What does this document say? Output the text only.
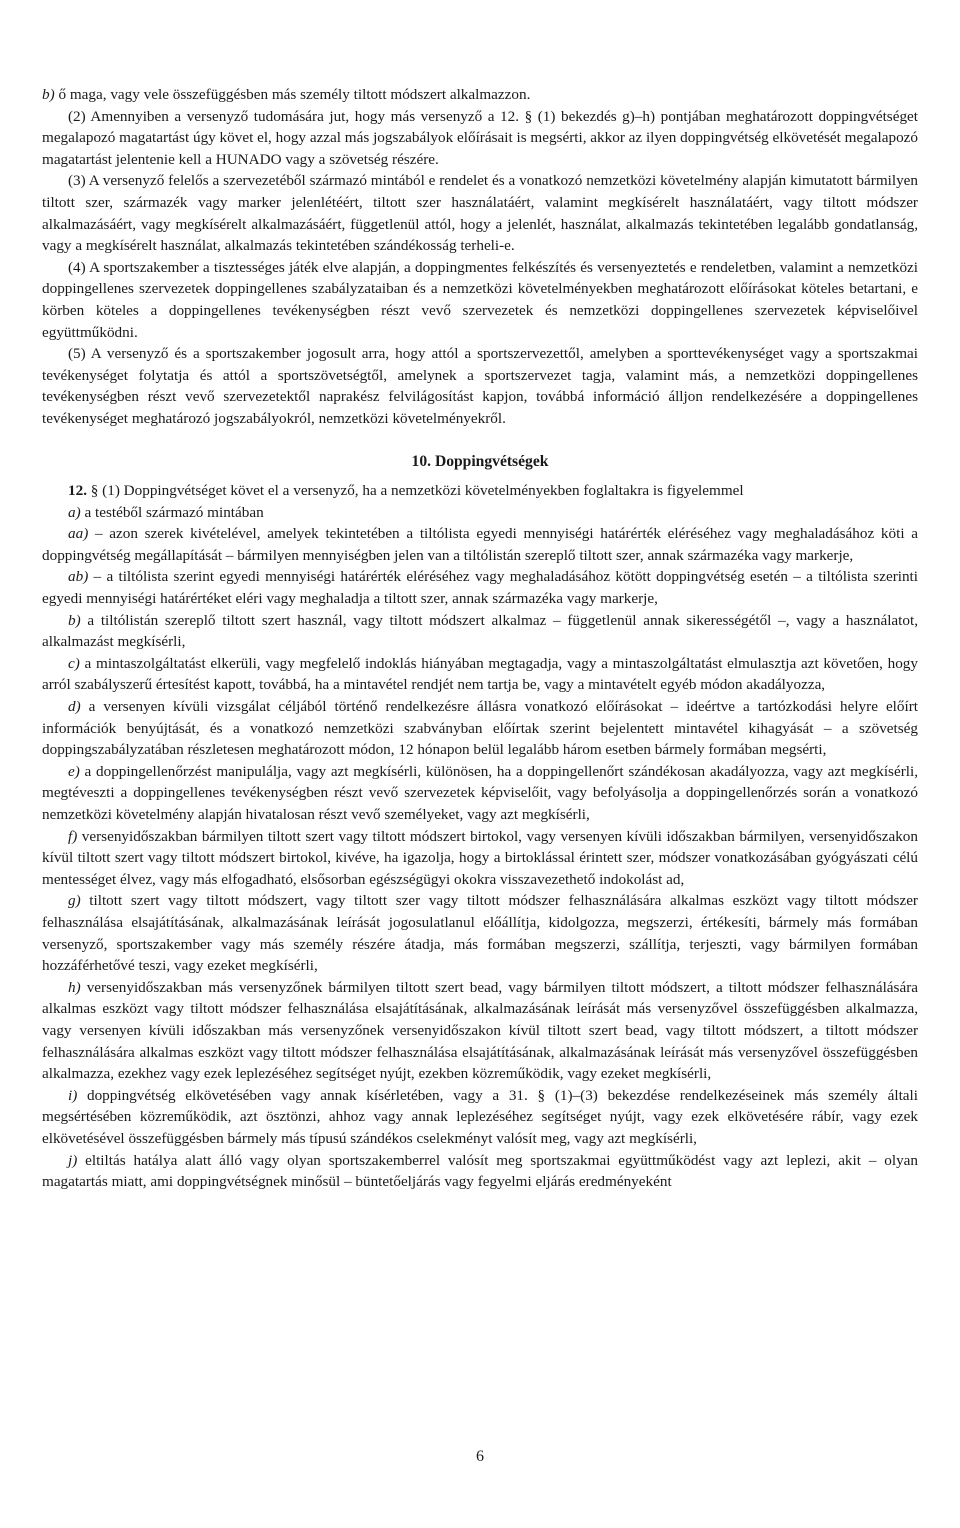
b) ő maga, vagy vele összefüggésben más személy tiltott módszert alkalmazzon.

(2) Amennyiben a versenyző tudomására jut, hogy más versenyző a 12. § (1) bekezdés g)–h) pontjában meghatározott doppingvétséget megalapozó magatartást úgy követ el, hogy azzal más jogszabályok előírásait is megsérti, akkor az ilyen doppingvétség elkövetését megalapozó magatartást jelentenie kell a HUNADO vagy a szövetség részére.

(3) A versenyző felelős a szervezetéből származó mintából e rendelet és a vonatkozó nemzetközi követelmény alapján kimutatott bármilyen tiltott szer, származék vagy marker jelenlétéért, tiltott szer használatáért, valamint megkísérelt használatáért, vagy tiltott módszer alkalmazásáért, vagy megkísérelt alkalmazásáért, függetlenül attól, hogy a jelenlét, használat, alkalmazás tekintetében legalább gondatlanság, vagy a megkísérelt használat, alkalmazás tekintetében szándékosság terheli-e.

(4) A sportszakember a tisztességes játék elve alapján, a doppingmentes felkészítés és versenyeztetés e rendeletben, valamint a nemzetközi doppingellenes szervezetek doppingellenes szabályzataiban és a nemzetközi követelményekben meghatározott előírásokat köteles betartani, e körben köteles a doppingellenes tevékenységben részt vevő szervezetek és nemzetközi doppingellenes szervezetek képviselőivel együttműködni.

(5) A versenyző és a sportszakember jogosult arra, hogy attól a sportszervezettől, amelyben a sporttevékenységet vagy a sportszakmai tevékenységet folytatja és attól a sportszövetségtől, amelynek a sportszervezet tagja, valamint más, a nemzetközi doppingellenes tevékenységben részt vevő szervezetektől naprakész felvilágosítást kapjon, továbbá információ álljon rendelkezésére a doppingellenes tevékenységet meghatározó jogszabályokról, nemzetközi követelményekről.

10. Doppingvétségek

12. § (1) Doppingvétséget követ el a versenyző, ha a nemzetközi követelményekben foglaltakra is figyelemmel

a) a testéből származó mintában

aa) – azon szerek kivételével, amelyek tekintetében a tiltólista egyedi mennyiségi határérték eléréséhez vagy meghaladásához köti a doppingvétség megállapítását – bármilyen mennyiségben jelen van a tiltólistán szereplő tiltott szer, annak származéka vagy markerje,

ab) – a tiltólista szerint egyedi mennyiségi határérték eléréséhez vagy meghaladásához kötött doppingvétség esetén – a tiltólista szerinti egyedi mennyiségi határértéket eléri vagy meghaladja a tiltott szer, annak származéka vagy markerje,

b) a tiltólistán szereplő tiltott szert használ, vagy tiltott módszert alkalmaz – függetlenül annak sikerességétől –, vagy a használatot, alkalmazást megkísérli,

c) a mintaszolgáltatást elkerüli, vagy megfelelő indoklás hiányában megtagadja, vagy a mintaszolgáltatást elmulasztja azt követően, hogy arról szabályszerű értesítést kapott, továbbá, ha a mintavétel rendjét nem tartja be, vagy a mintavételt egyéb módon akadályozza,

d) a versenyen kívüli vizsgálat céljából történő rendelkezésre állásra vonatkozó előírásokat – ideértve a tartózkodási helyre előírt információk benyújtását, és a vonatkozó nemzetközi szabványban előírtak szerint bejelentett mintavétel kihagyását – a szövetség doppingszabályzatában részletesen meghatározott módon, 12 hónapon belül legalább három esetben bármely formában megsérti,

e) a doppingellenőrzést manipulálja, vagy azt megkísérli, különösen, ha a doppingellenőrt szándékosan akadályozza, vagy azt megkísérli, megtéveszti a doppingellenes tevékenységben részt vevő szervezetek képviselőit, vagy befolyásolja a doppingellenőrzés során a vonatkozó nemzetközi követelmény alapján hivatalosan részt vevő személyeket, vagy azt megkísérli,

f) versenyidőszakban bármilyen tiltott szert vagy tiltott módszert birtokol, vagy versenyen kívüli időszakban bármilyen, versenyidőszakon kívül tiltott szert vagy tiltott módszert birtokol, kivéve, ha igazolja, hogy a birtoklással érintett szer, módszer vonatkozásában gyógyászati célú mentességet élvez, vagy más elfogadható, elsősorban egészségügyi okokra visszavezethető indokolást ad,

g) tiltott szert vagy tiltott módszert, vagy tiltott szer vagy tiltott módszer felhasználására alkalmas eszközt vagy tiltott módszer felhasználása elsajátításának, alkalmazásának leírását jogosulatlanul előállítja, kidolgozza, megszerzi, értékesíti, bármely más formában versenyző, sportszakember vagy más személy részére átadja, más formában megszerzi, szállítja, terjeszti, vagy bármilyen formában hozzáférhetővé teszi, vagy ezeket megkísérli,

h) versenyidőszakban más versenyzőnek bármilyen tiltott szert bead, vagy bármilyen tiltott módszert, a tiltott módszer felhasználására alkalmas eszközt vagy tiltott módszer felhasználása elsajátításának, alkalmazásának leírását más versenyzővel összefüggésben alkalmazza, vagy versenyen kívüli időszakban más versenyzőnek versenyidőszakon kívül tiltott szert bead, vagy tiltott módszert, a tiltott módszer felhasználására alkalmas eszközt vagy tiltott módszer felhasználása elsajátításának, alkalmazásának leírását más versenyzővel összefüggésben alkalmazza, ezekhez vagy ezek leplezéséhez segítséget nyújt, ezekben közreműködik, vagy ezeket megkísérli,

i) doppingvétség elkövetésében vagy annak kísérletében, vagy a 31. § (1)–(3) bekezdése rendelkezéseinek más személy általi megsértésében közreműködik, azt ösztönzi, ahhoz vagy annak leplezéséhez segítséget nyújt, vagy ezek elkövetésére rábír, vagy ezek elkövetésével összefüggésben bármely más típusú szándékos cselekményt valósít meg, vagy azt megkísérli,

j) eltiltás hatálya alatt álló vagy olyan sportszakemberrel valósít meg sportszakmai együttműködést vagy azt leplezi, akit – olyan magatartás miatt, ami doppingvétségnek minősül – büntetőeljárás vagy fegyelmi eljárás eredményeként

6
